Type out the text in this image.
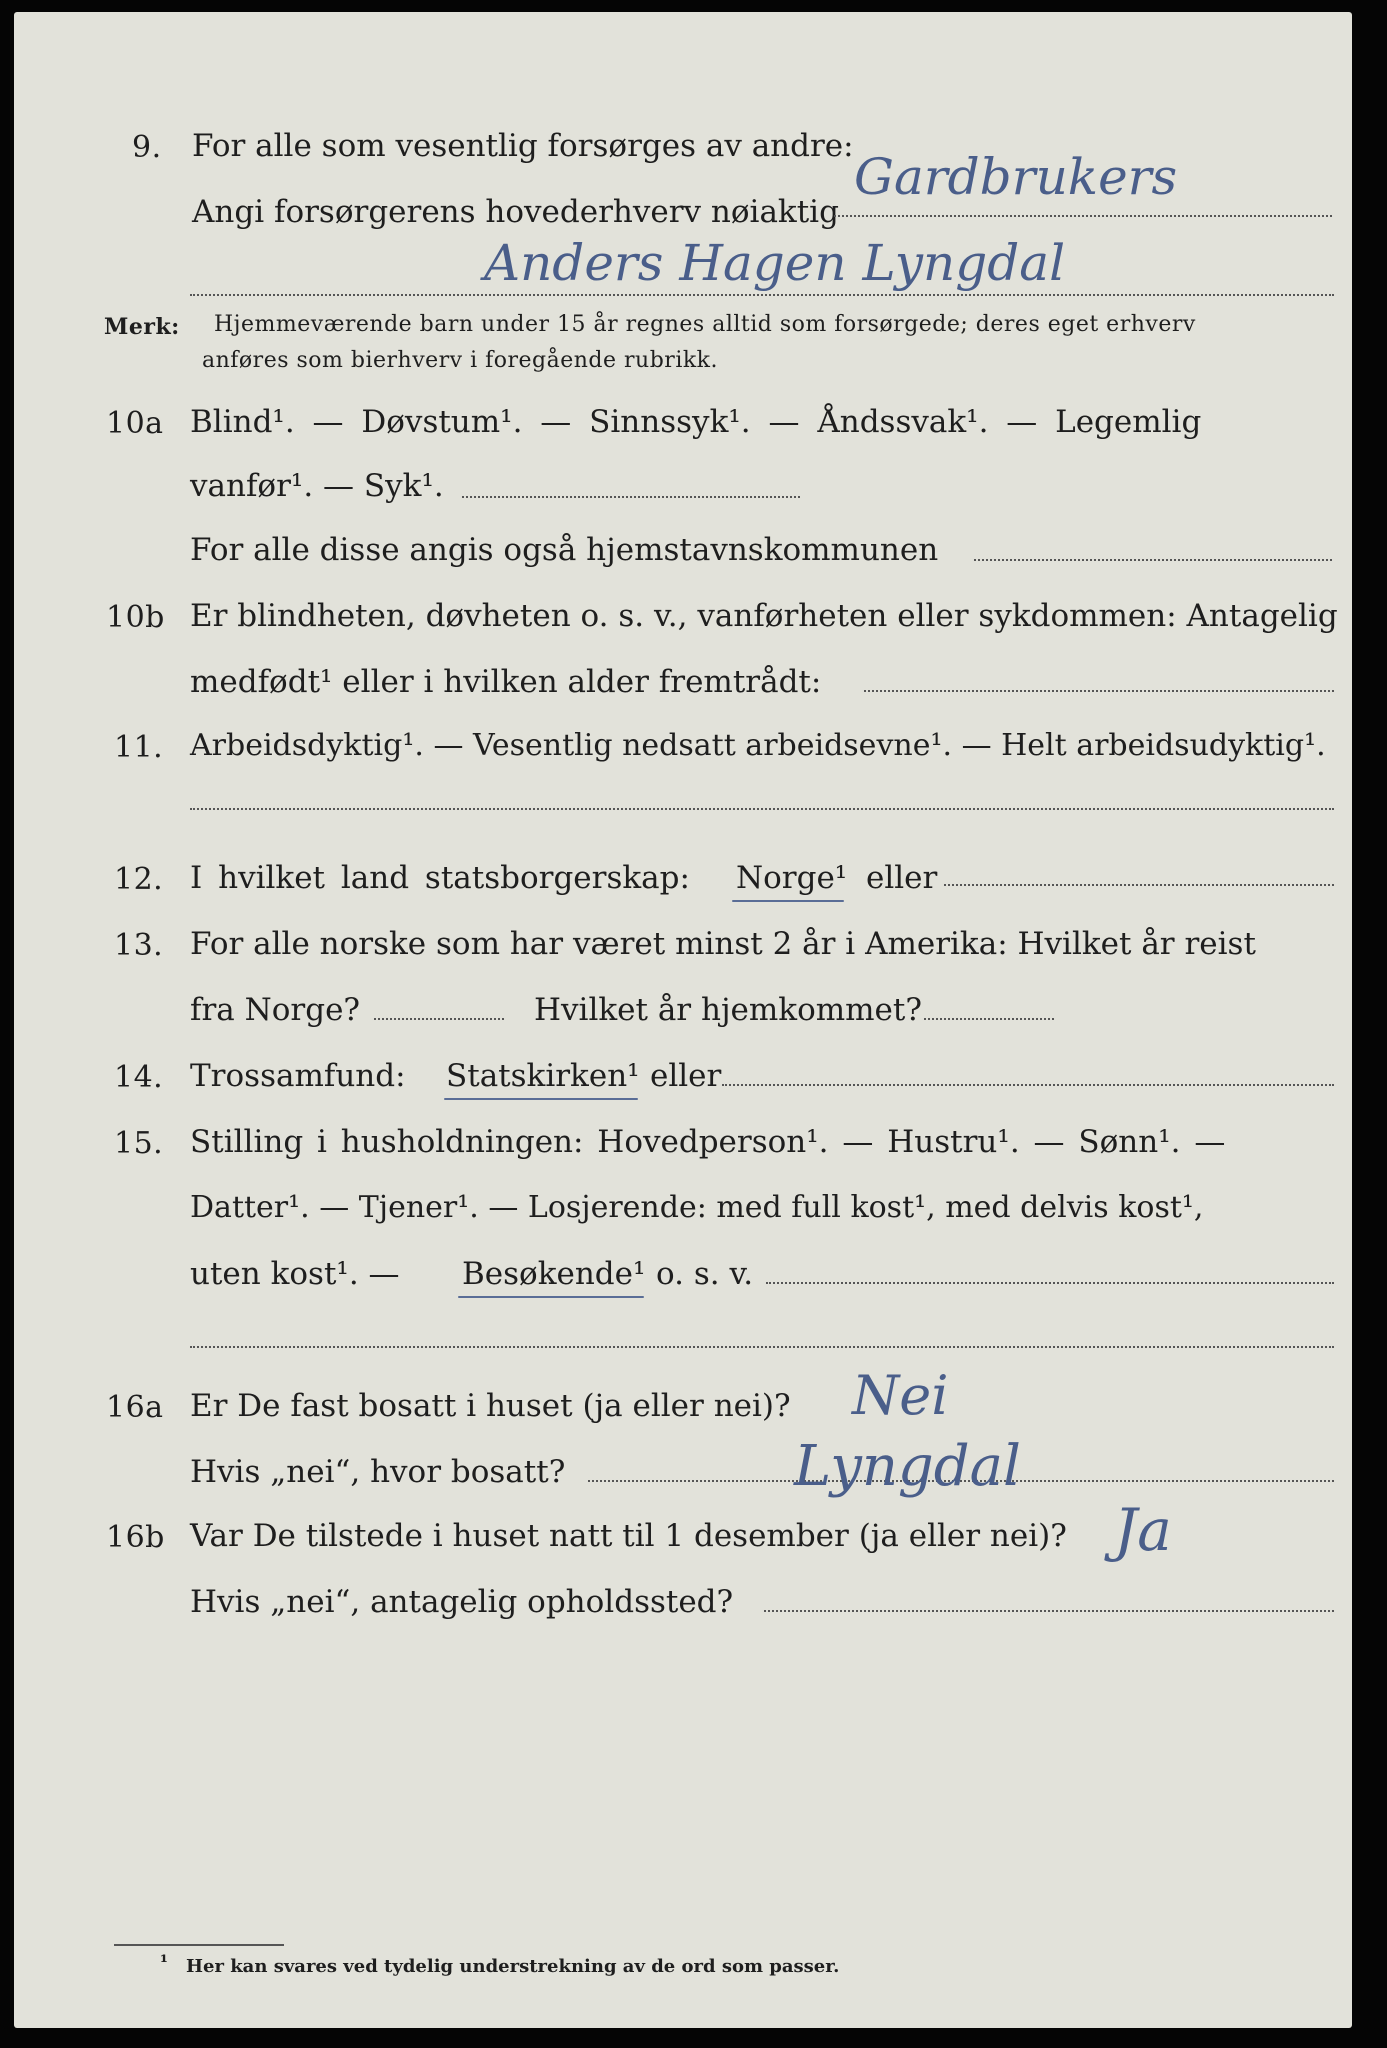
9. For alle som vesentlig forsørges av andre:
Gardbrukers
Angi forsørgerens hovederhverv nøiaktig
Anders Hagen Lyngdal
Merk: Hjemmeværende barn under 15 år regnes alltid som forsørgede; deres eget erhverv
anføres som bierhverv i foregående rubrikk.
10a Blind¹. — Døvstum¹. — Sinnssyk¹. — Åndssvak¹. — Legemlig
vanfør¹. — Syk¹.
For alle disse angis også hjemstavnskommunen
10b Er blindheten, døvheten o. s. v., vanførheten eller sykdommen: Antagelig
medfødt¹ eller i hvilken alder fremtrådt:
11. Arbeidsdyktig¹. — Vesentlig nedsatt arbeidsevne¹. — Helt arbeidsudyktig¹.
12. I hvilket land statsborgerskap: Norge¹ eller
13. For alle norske som har været minst 2 år i Amerika: Hvilket år reist
fra Norge?	Hvilket år hjemkommet?
14. Trossamfund: Statskirken¹ eller
15. Stilling i husholdningen: Hovedperson¹. — Hustru¹. — Sønn¹. —
Datter¹. — Tjener¹. — Losjerende: med full kost¹, med delvis kost¹,
uten kost¹. — Besøkende¹ o. s. v.
16a Er De fast bosatt i huset (ja eller nei)? Nei
Hvis „nei“, hvor bosatt?	Lyngdal
16b Var De tilstede i huset natt til 1 desember (ja eller nei)? Ja
Hvis „nei“, antagelig opholdssted?
¹ Her kan svares ved tydelig understrekning av de ord som passer.
